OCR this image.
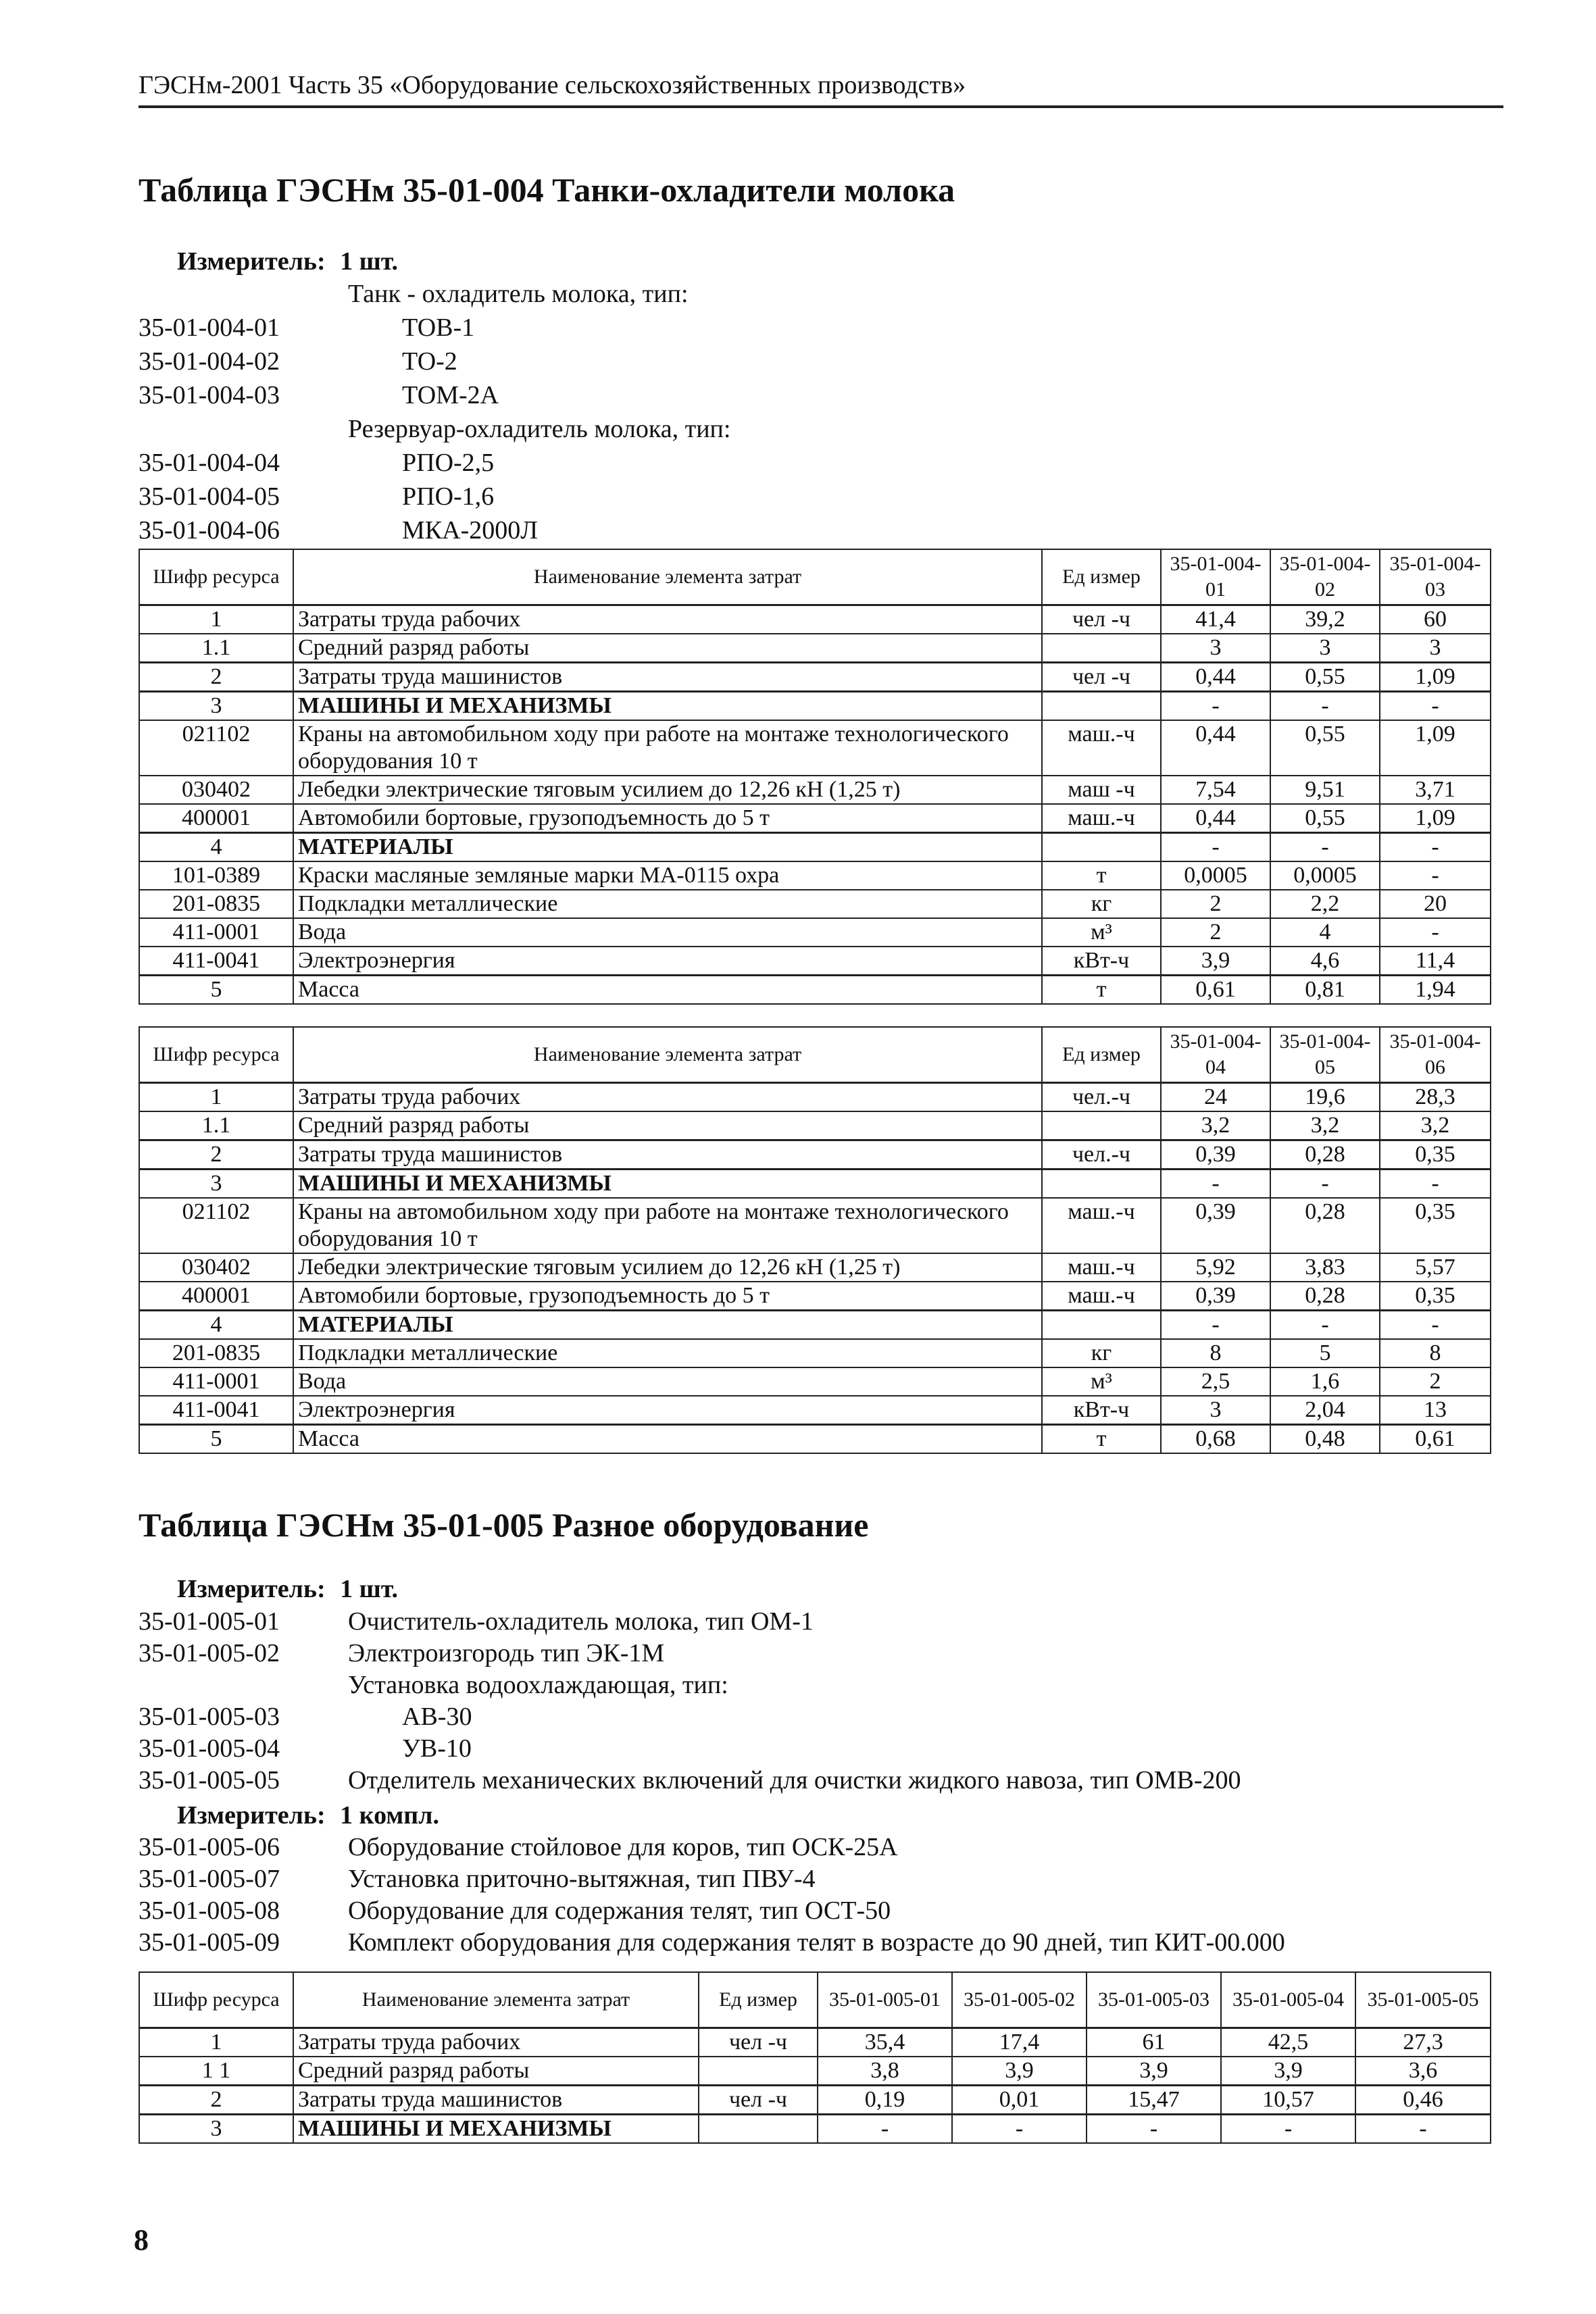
ГЭСНм-2001 Часть 35 «Оборудование сельскохозяйственных производств»
Таблица ГЭСНм 35-01-004 Танки-охладители молока
Измеритель: 1 шт.
Танк - охладитель молока, тип:
35-01-004-01	ТОВ-1
35-01-004-02	ТО-2
35-01-004-03	ТОМ-2А
Резервуар-охладитель молока, тип:
35-01-004-04	РПО-2,5
35-01-004-05	РПО-1,6
35-01-004-06	МКА-2000Л
Шифр ресурса	Наименование элемента затрат	Ед измер	35-01-004-01	35-01-004-02	35-01-004-03
1	Затраты труда рабочих	чел -ч	41,4	39,2	60
1.1	Средний разряд работы		3	3	3
2	Затраты труда машинистов	чел -ч	0,44	0,55	1,09
3	МАШИНЫ И МЕХАНИЗМЫ		-	-	-
021102	Краны на автомобильном ходу при работе на монтаже технологического оборудования 10 т	маш.-ч	0,44	0,55	1,09
030402	Лебедки электрические тяговым усилием до 12,26 кН (1,25 т)	маш -ч	7,54	9,51	3,71
400001	Автомобили бортовые, грузоподъемность до 5 т	маш.-ч	0,44	0,55	1,09
4	МАТЕРИАЛЫ		-	-	-
101-0389	Краски масляные земляные марки МА-0115 охра	т	0,0005	0,0005	-
201-0835	Подкладки металлические	кг	2	2,2	20
411-0001	Вода	м³	2	4	-
411-0041	Электроэнергия	кВт-ч	3,9	4,6	11,4
5	Масса	т	0,61	0,81	1,94
Шифр ресурса	Наименование элемента затрат	Ед измер	35-01-004-04	35-01-004-05	35-01-004-06
1	Затраты труда рабочих	чел.-ч	24	19,6	28,3
1.1	Средний разряд работы		3,2	3,2	3,2
2	Затраты труда машинистов	чел.-ч	0,39	0,28	0,35
3	МАШИНЫ И МЕХАНИЗМЫ		-	-	-
021102	Краны на автомобильном ходу при работе на монтаже технологического оборудования 10 т	маш.-ч	0,39	0,28	0,35
030402	Лебедки электрические тяговым усилием до 12,26 кН (1,25 т)	маш.-ч	5,92	3,83	5,57
400001	Автомобили бортовые, грузоподъемность до 5 т	маш.-ч	0,39	0,28	0,35
4	МАТЕРИАЛЫ		-	-	-
201-0835	Подкладки металлические	кг	8	5	8
411-0001	Вода	м³	2,5	1,6	2
411-0041	Электроэнергия	кВт-ч	3	2,04	13
5	Масса	т	0,68	0,48	0,61
Таблица ГЭСНм 35-01-005 Разное оборудование
Измеритель: 1 шт.
35-01-005-01	Очиститель-охладитель молока, тип ОМ-1
35-01-005-02	Электроизгородь тип ЭК-1М
Установка водоохлаждающая, тип:
35-01-005-03	АВ-30
35-01-005-04	УВ-10
35-01-005-05	Отделитель механических включений для очистки жидкого навоза, тип ОМВ-200
Измеритель: 1 компл.
35-01-005-06	Оборудование стойловое для коров, тип ОСК-25А
35-01-005-07	Установка приточно-вытяжная, тип ПВУ-4
35-01-005-08	Оборудование для содержания телят, тип ОСТ-50
35-01-005-09	Комплект оборудования для содержания телят в возрасте до 90 дней, тип КИТ-00.000
Шифр ресурса	Наименование элемента затрат	Ед измер	35-01-005-01	35-01-005-02	35-01-005-03	35-01-005-04	35-01-005-05
1	Затраты труда рабочих	чел -ч	35,4	17,4	61	42,5	27,3
1 1	Средний разряд работы		3,8	3,9	3,9	3,9	3,6
2	Затраты труда машинистов	чел -ч	0,19	0,01	15,47	10,57	0,46
3	МАШИНЫ И МЕХАНИЗМЫ		-	-	-	-	-
8
